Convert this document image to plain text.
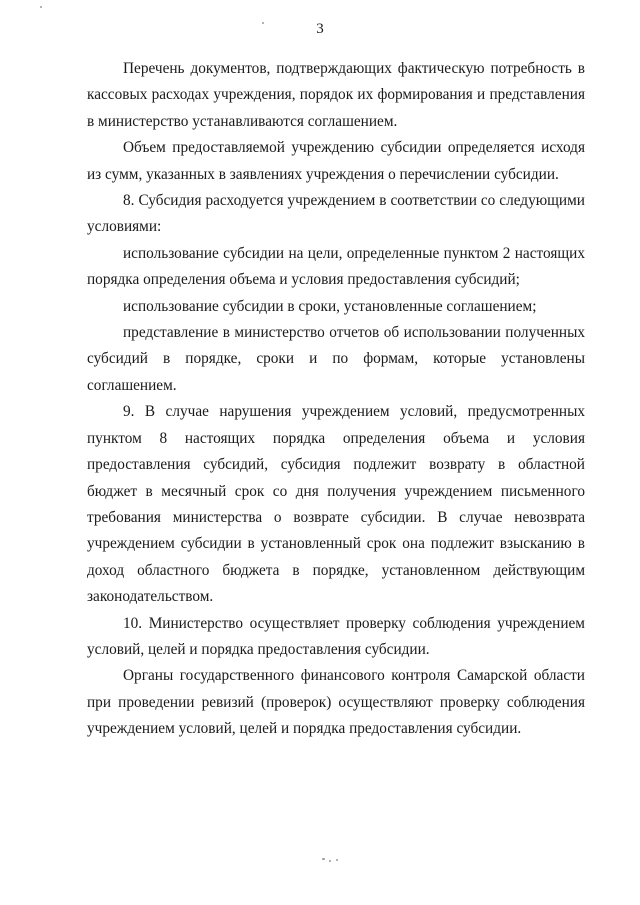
3

Перечень документов, подтверждающих фактическую потребность в кассовых расходах учреждения, порядок их формирования и представления в министерство устанавливаются соглашением.

Объем предоставляемой учреждению субсидии определяется исходя из сумм, указанных в заявлениях учреждения о перечислении субсидии.

8. Субсидия расходуется учреждением в соответствии со следующими условиями:

использование субсидии на цели, определенные пунктом 2 настоящих порядка определения объема и условия предоставления субсидий;

использование субсидии в сроки, установленные соглашением;

представление в министерство отчетов об использовании полученных субсидий в порядке, сроки и по формам, которые установлены соглашением.

9. В случае нарушения учреждением условий, предусмотренных пунктом 8 настоящих порядка определения объема и условия предоставления субсидий, субсидия подлежит возврату в областной бюджет в месячный срок со дня получения учреждением письменного требования министерства о возврате субсидии. В случае невозврата учреждением субсидии в установленный срок она подлежит взысканию в доход областного бюджета в порядке, установленном действующим законодательством.

10. Министерство осуществляет проверку соблюдения учреждением условий, целей и порядка предоставления субсидии.

Органы государственного финансового контроля Самарской области при проведении ревизий (проверок) осуществляют проверку соблюдения учреждением условий, целей и порядка предоставления субсидии.
